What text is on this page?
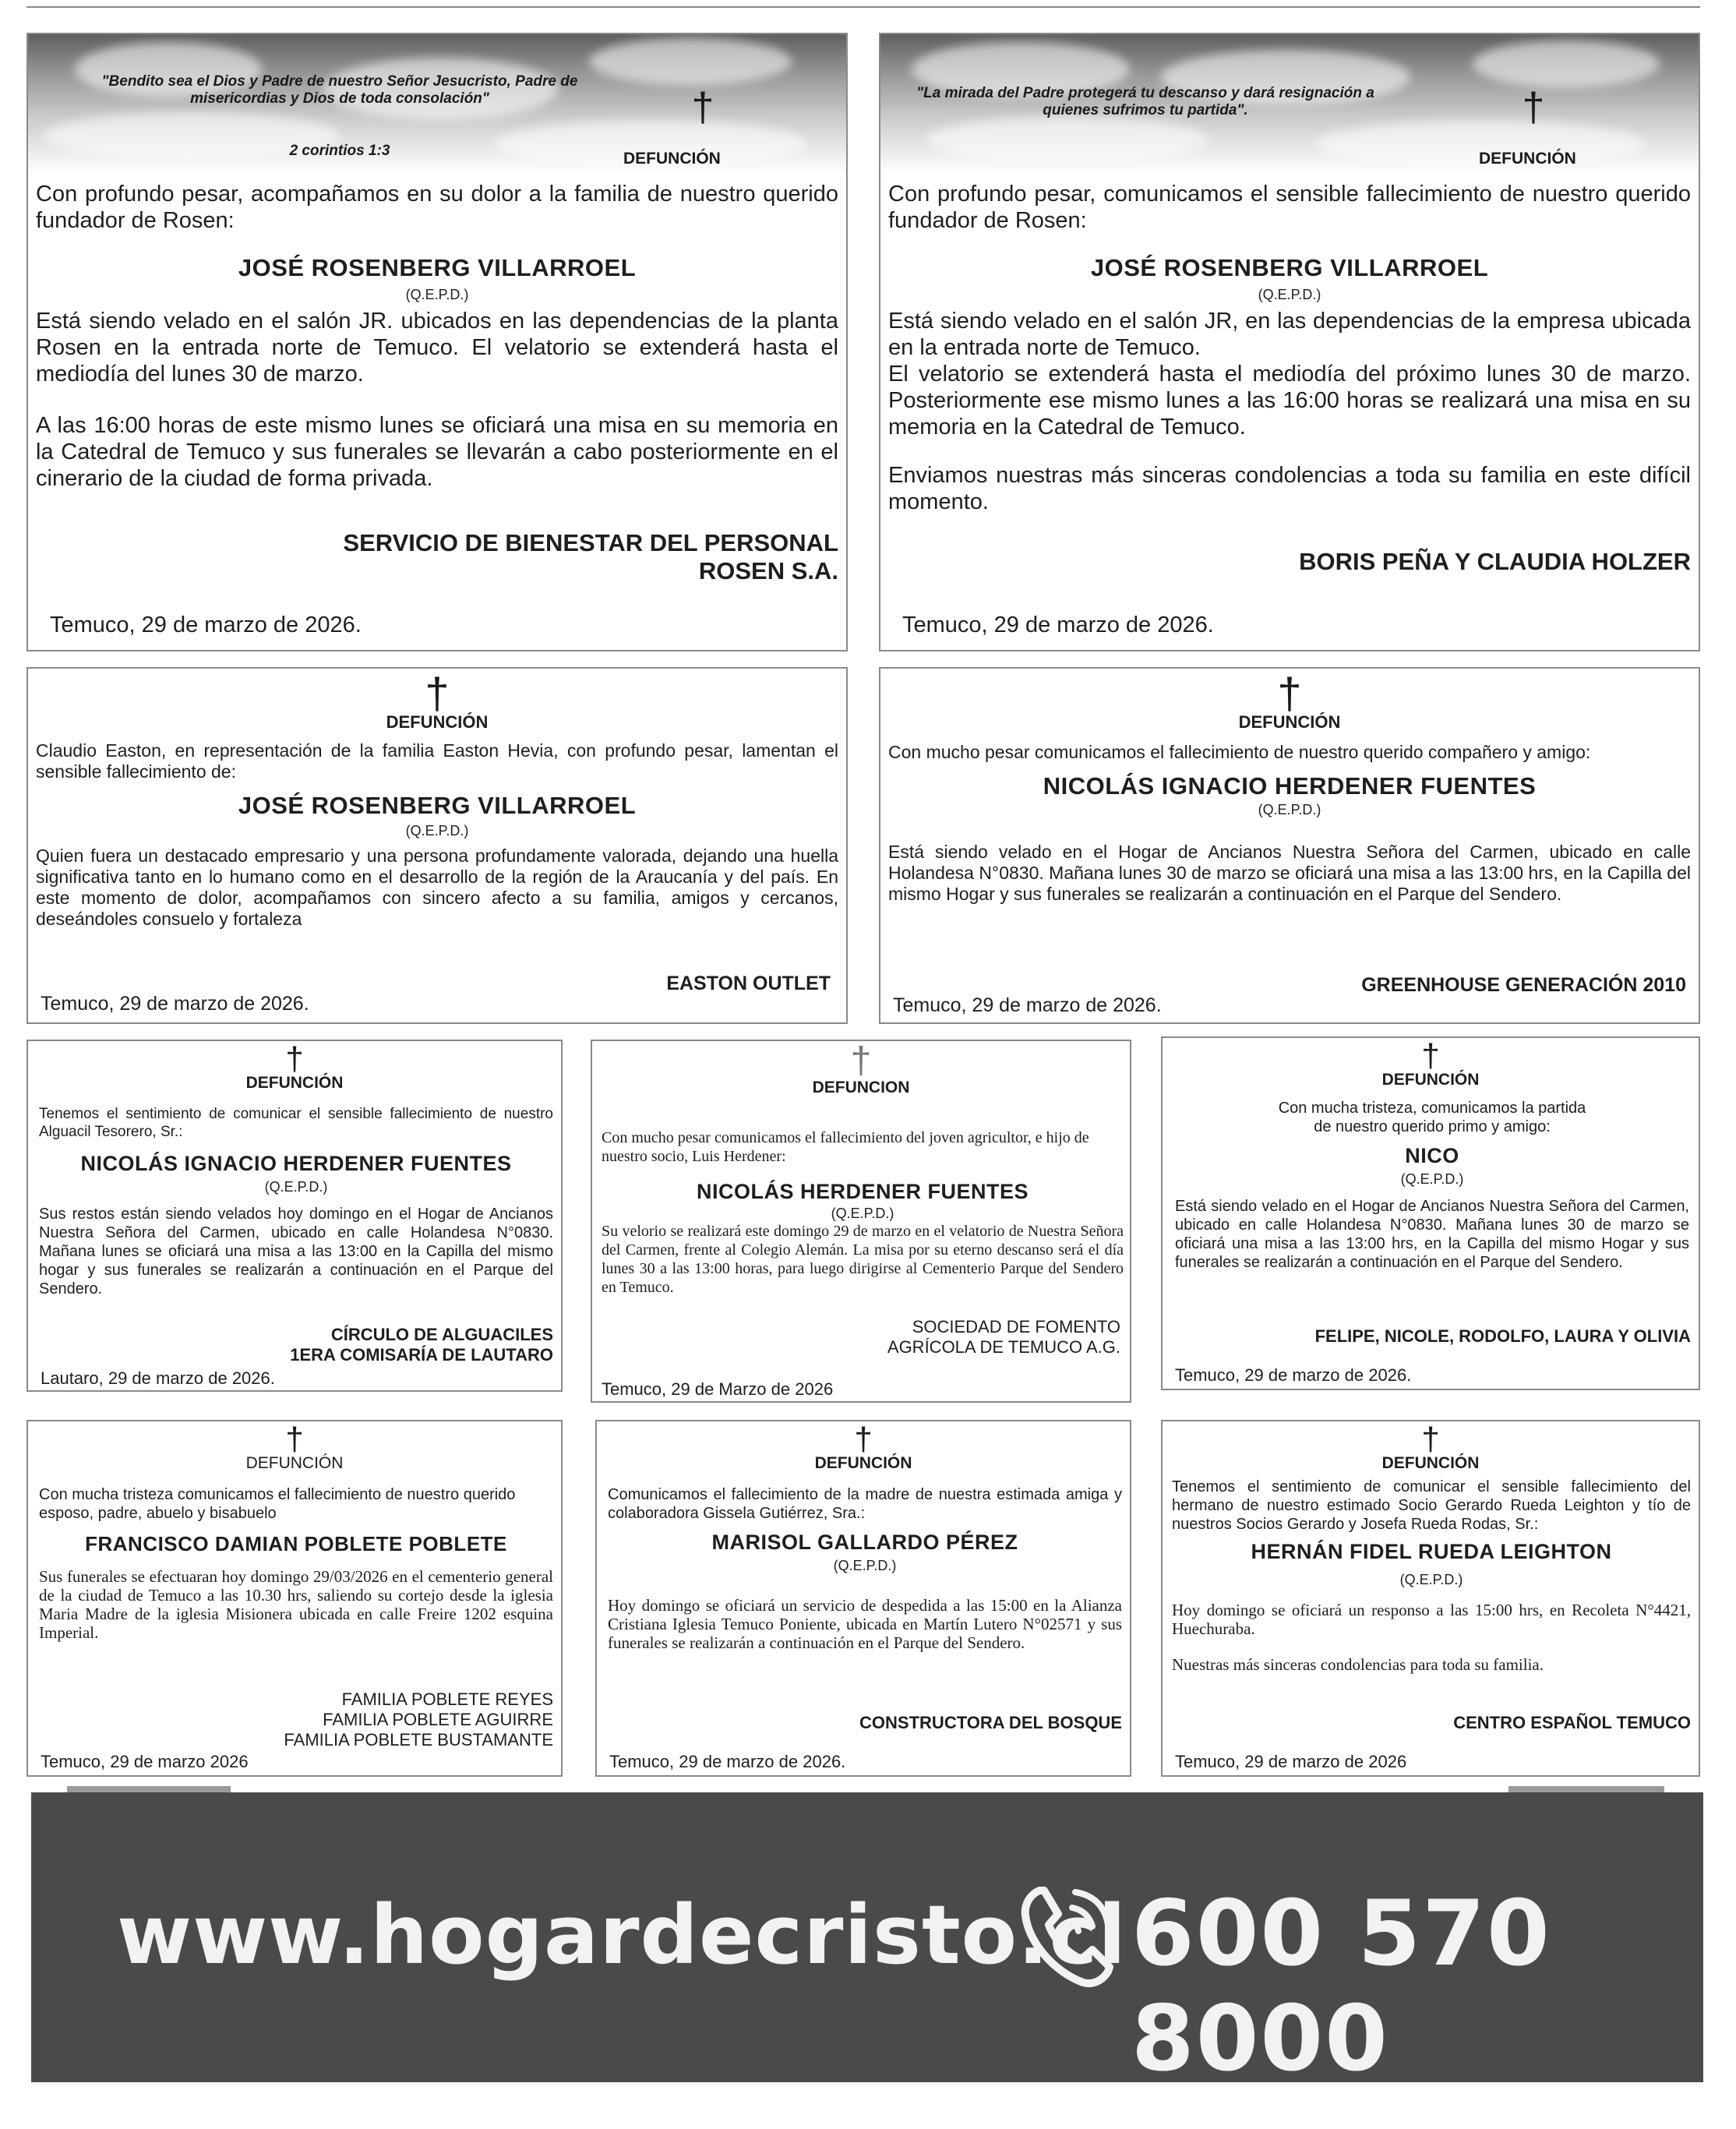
"Bendito sea el Dios y Padre de nuestro Señor Jesucristo, Padre de misericordias y Dios de toda consolación"
2 corintios 1:3
†
DEFUNCIÓN
Con profundo pesar, acompañamos en su dolor a la familia de nuestro querido fundador de Rosen:
JOSÉ ROSENBERG VILLARROEL
(Q.E.P.D.)
Está siendo velado en el salón JR. ubicados en las dependencias de la planta Rosen en la entrada norte de Temuco. El velatorio se extenderá hasta el mediodía del lunes 30 de marzo.
A las 16:00 horas de este mismo lunes se oficiará una misa en su memoria en la Catedral de Temuco y sus funerales se llevarán a cabo posteriormente en el cinerario de la ciudad de forma privada.
SERVICIO DE BIENESTAR DEL PERSONAL
ROSEN S.A.
Temuco, 29 de marzo de 2026.
"La mirada del Padre protegerá tu descanso y dará resignación a quienes sufrimos tu partida".	†
DEFUNCIÓN
Con profundo pesar, comunicamos el sensible fallecimiento de nuestro querido fundador de Rosen:
JOSÉ ROSENBERG VILLARROEL
(Q.E.P.D.)
Está siendo velado en el salón JR, en las dependencias de la empresa ubicada en la entrada norte de Temuco.
El velatorio se extenderá hasta el mediodía del próximo lunes 30 de marzo. Posteriormente ese mismo lunes a las 16:00 horas se realizará una misa en su memoria en la Catedral de Temuco.
Enviamos nuestras más sinceras condolencias a toda su familia en este difícil momento.
BORIS PEÑA Y CLAUDIA HOLZER
Temuco, 29 de marzo de 2026.
†
DEFUNCIÓN
Claudio Easton, en representación de la familia Easton Hevia, con profundo pesar, lamentan el sensible fallecimiento de:
JOSÉ ROSENBERG VILLARROEL
(Q.E.P.D.)
Quien fuera un destacado empresario y una persona profundamente valorada, dejando una huella significativa tanto en lo humano como en el desarrollo de la región de la Araucanía y del país. En este momento de dolor, acompañamos con sincero afecto a su familia, amigos y cercanos, deseándoles consuelo y fortaleza
EASTON OUTLET
Temuco, 29 de marzo de 2026.
†
DEFUNCIÓN
Con mucho pesar comunicamos el fallecimiento de nuestro querido compañero y amigo:
NICOLÁS IGNACIO HERDENER FUENTES
(Q.E.P.D.)
Está siendo velado en el Hogar de Ancianos Nuestra Señora del Carmen, ubicado en calle Holandesa N°0830. Mañana lunes 30 de marzo se oficiará una misa a las 13:00 hrs, en la Capilla del mismo Hogar y sus funerales se realizarán a continuación en el Parque del Sendero.
GREENHOUSE GENERACIÓN 2010
Temuco, 29 de marzo de 2026.
†
DEFUNCIÓN
Tenemos el sentimiento de comunicar el sensible fallecimiento de nuestro Alguacil Tesorero, Sr.:
NICOLÁS IGNACIO HERDENER FUENTES
(Q.E.P.D.)
Sus restos están siendo velados hoy domingo en el Hogar de Ancianos Nuestra Señora del Carmen, ubicado en calle Holandesa N°0830. Mañana lunes se oficiará una misa a las 13:00 en la Capilla del mismo hogar y sus funerales se realizarán a continuación en el Parque del Sendero.
CÍRCULO DE ALGUACILES
1ERA COMISARÍA DE LAUTARO
Lautaro, 29 de marzo de 2026.
†
DEFUNCION
Con mucho pesar comunicamos el fallecimiento del joven agricultor, e hijo de nuestro socio, Luis Herdener:
NICOLÁS HERDENER FUENTES
(Q.E.P.D.)
Su velorio se realizará este domingo 29 de marzo en el velatorio de Nuestra Señora del Carmen, frente al Colegio Alemán. La misa por su eterno descanso será el día lunes 30 a las 13:00 horas, para luego dirigirse al Cementerio Parque del Sendero en Temuco.
SOCIEDAD DE FOMENTO
AGRÍCOLA DE TEMUCO A.G.
Temuco, 29 de Marzo de 2026
†
DEFUNCIÓN
Con mucha tristeza, comunicamos la partida
de nuestro querido primo y amigo:
NICO
(Q.E.P.D.)
Está siendo velado en el Hogar de Ancianos Nuestra Señora del Carmen, ubicado en calle Holandesa N°0830. Mañana lunes 30 de marzo se oficiará una misa a las 13:00 hrs, en la Capilla del mismo Hogar y sus funerales se realizarán a continuación en el Parque del Sendero.
FELIPE, NICOLE, RODOLFO, LAURA Y OLIVIA
Temuco, 29 de marzo de 2026.
†
DEFUNCIÓN
Con mucha tristeza comunicamos el fallecimiento de nuestro querido esposo, padre, abuelo y bisabuelo
FRANCISCO DAMIAN POBLETE POBLETE
Sus funerales se efectuaran hoy domingo 29/03/2026 en el cementerio general de la ciudad de Temuco a las 10.30 hrs, saliendo su cortejo desde la iglesia Maria Madre de la iglesia Misionera ubicada en calle Freire 1202 esquina Imperial.
FAMILIA POBLETE REYES
FAMILIA POBLETE AGUIRRE
FAMILIA POBLETE BUSTAMANTE
Temuco, 29 de marzo 2026
†
DEFUNCIÓN
Comunicamos el fallecimiento de la madre de nuestra estimada amiga y colaboradora Gissela Gutiérrez, Sra.:
MARISOL GALLARDO PÉREZ
(Q.E.P.D.)
Hoy domingo se oficiará un servicio de despedida a las 15:00 en la Alianza Cristiana Iglesia Temuco Poniente, ubicada en Martín Lutero N°02571 y sus funerales se realizarán a continuación en el Parque del Sendero.
CONSTRUCTORA DEL BOSQUE
Temuco, 29 de marzo de 2026.
†
DEFUNCIÓN
Tenemos el sentimiento de comunicar el sensible fallecimiento del hermano de nuestro estimado Socio Gerardo Rueda Leighton y tío de nuestros Socios Gerardo y Josefa Rueda Rodas, Sr.:
HERNÁN FIDEL RUEDA LEIGHTON
(Q.E.P.D.)
Hoy domingo se oficiará un responso a las 15:00 hrs, en Recoleta N°4421, Huechuraba.
Nuestras más sinceras condolencias para toda su familia.
CENTRO ESPAÑOL TEMUCO
Temuco, 29 de marzo de 2026
www.hogardecristo.cl 600 570 8000
